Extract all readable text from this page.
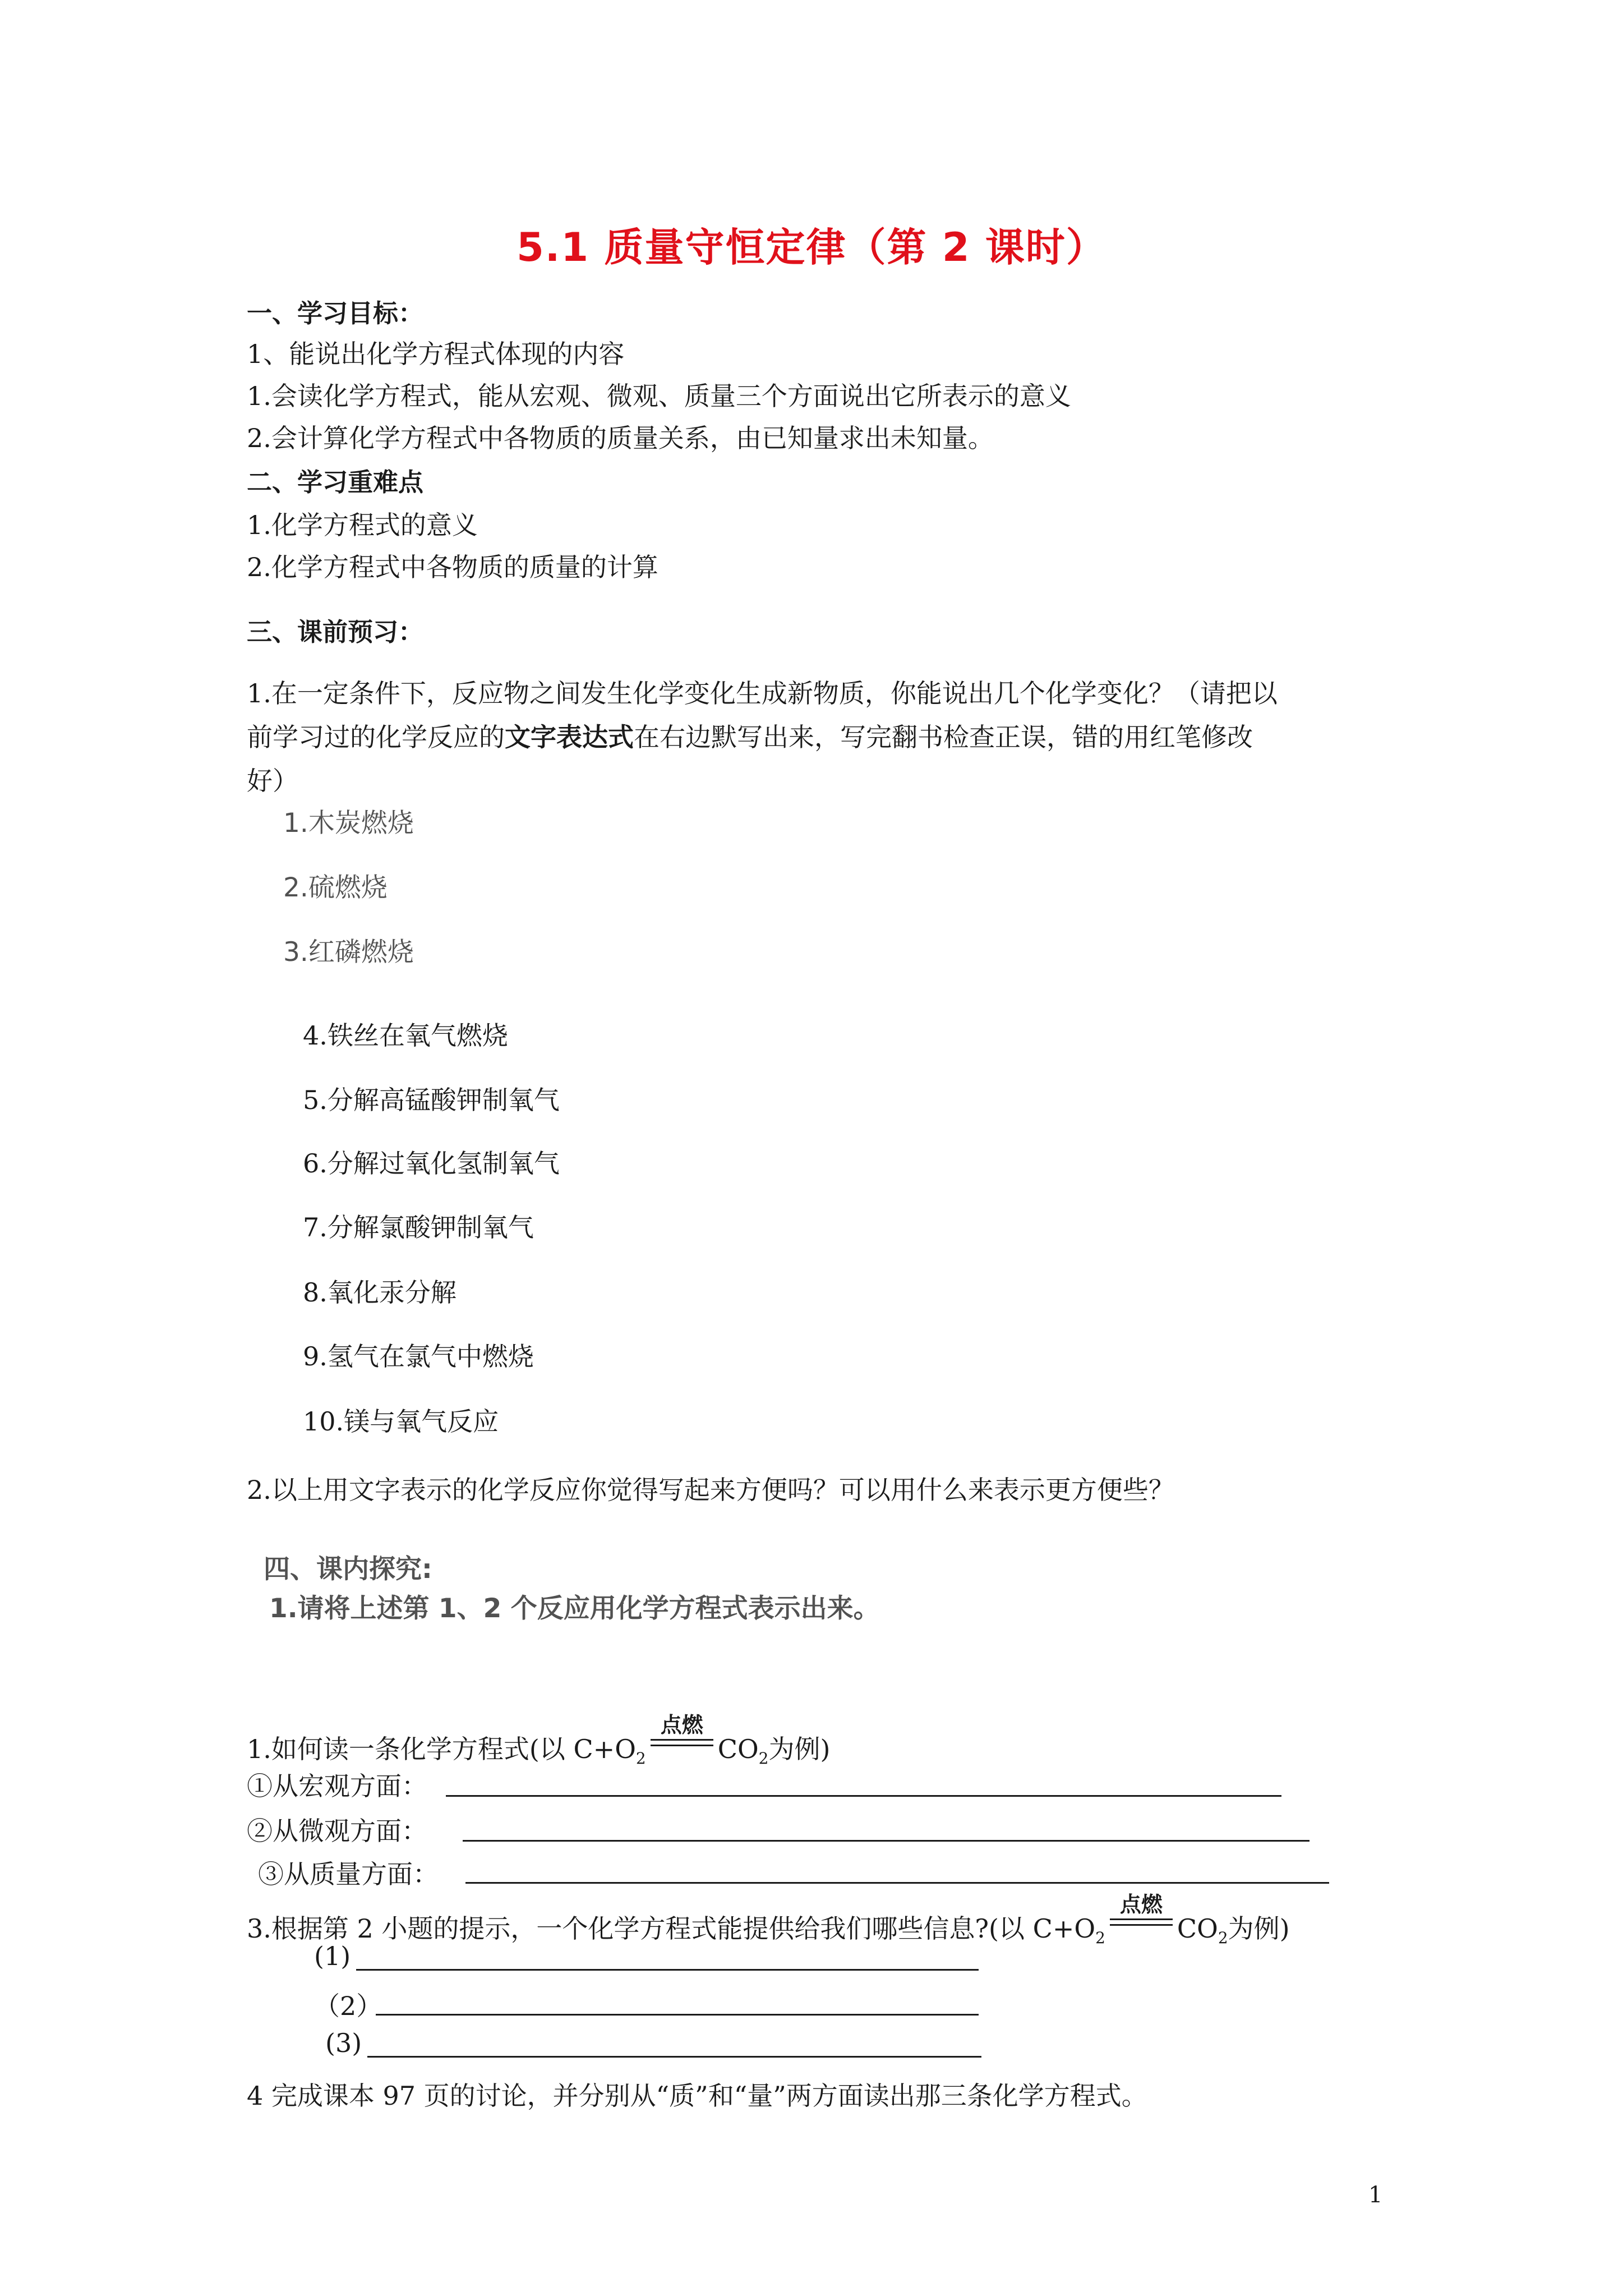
5.1 质量守恒定律（第 2 课时）
一、学习目标：
1、能说出化学方程式体现的内容
1.会读化学方程式，能从宏观、微观、质量三个方面说出它所表示的意义
2.会计算化学方程式中各物质的质量关系，由已知量求出未知量。
二、学习重难点
1.化学方程式的意义
2.化学方程式中各物质的质量的计算
三、课前预习：
1.在一定条件下，反应物之间发生化学变化生成新物质，你能说出几个化学变化？（请把以
前学习过的化学反应的文字表达式在右边默写出来，写完翻书检查正误，错的用红笔修改
好）
1.木炭燃烧
2.硫燃烧
3.红磷燃烧
4.铁丝在氧气燃烧
5.分解高锰酸钾制氧气
6.分解过氧化氢制氧气
7.分解氯酸钾制氧气
8.氧化汞分解
9.氢气在氯气中燃烧
10.镁与氧气反应
2.以上用文字表示的化学反应你觉得写起来方便吗？可以用什么来表示更方便些？
四、课内探究:
1.请将上述第 1、2 个反应用化学方程式表示出来。
1.如何读一条化学方程式(以 $C+O_2$
点燃
$CO_2$为例)
①从宏观方面：
②从微观方面：
③从质量方面：
3.根据第 2 小题的提示，一个化学方程式能提供给我们哪些信息?(以 $C+O_2$
点燃
$CO_2$为例)
(1)
（2）
(3)
4 完成课本 97 页的讨论，并分别从“质”和“量”两方面读出那三条化学方程式。
1
